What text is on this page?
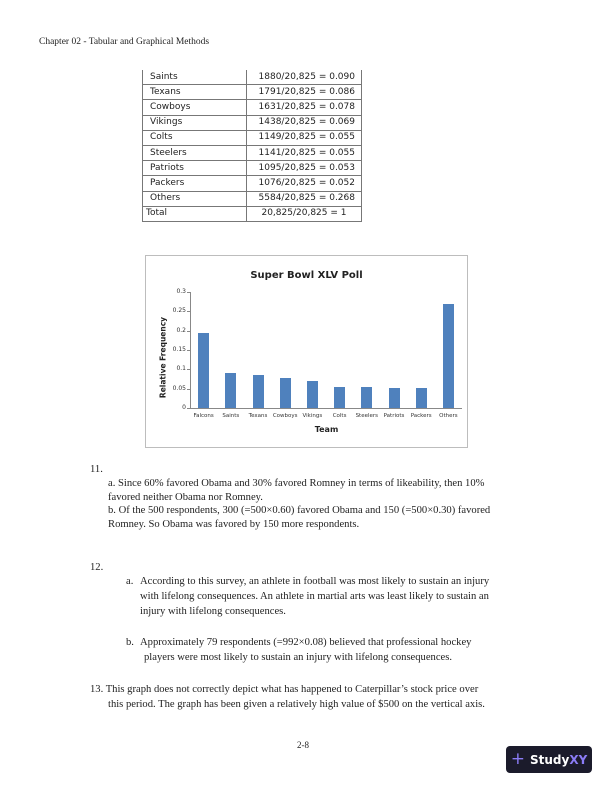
Chapter 02 - Tabular and Graphical Methods
Saints	1880/20,825 = 0.090
Texans	1791/20,825 = 0.086
Cowboys	1631/20,825 = 0.078
Vikings	1438/20,825 = 0.069
Colts	1149/20,825 = 0.055
Steelers	1141/20,825 = 0.055
Patriots	1095/20,825 = 0.053
Packers	1076/20,825 = 0.052
Others	5584/20,825 = 0.268
Total	20,825/20,825 = 1
Super Bowl XLV Poll
Relative Frequency
0
0.05
0.1
0.15
0.2
0.25
0.3
Falcons	Saints	Texans	Cowboys Vikings	Colts	Steelers	Patriots	Packers	Others
Team
11.
a. Since 60% favored Obama and 30% favored Romney in terms of likeability, then 10%
favored neither Obama nor Romney.
b. Of the 500 respondents, 300 (=500×0.60) favored Obama and 150 (=500×0.30) favored
Romney. So Obama was favored by 150 more respondents.
12.
a. According to this survey, an athlete in football was most likely to sustain an injury
with lifelong consequences. An athlete in martial arts was least likely to sustain an
injury with lifelong consequences.
b. Approximately 79 respondents (=992×0.08) believed that professional hockey
players were most likely to sustain an injury with lifelong consequences.
13. This graph does not correctly depict what has happened to Caterpillar’s stock price over
this period. The graph has been given a relatively high value of $500 on the vertical axis.
2-8
+ Study XY
